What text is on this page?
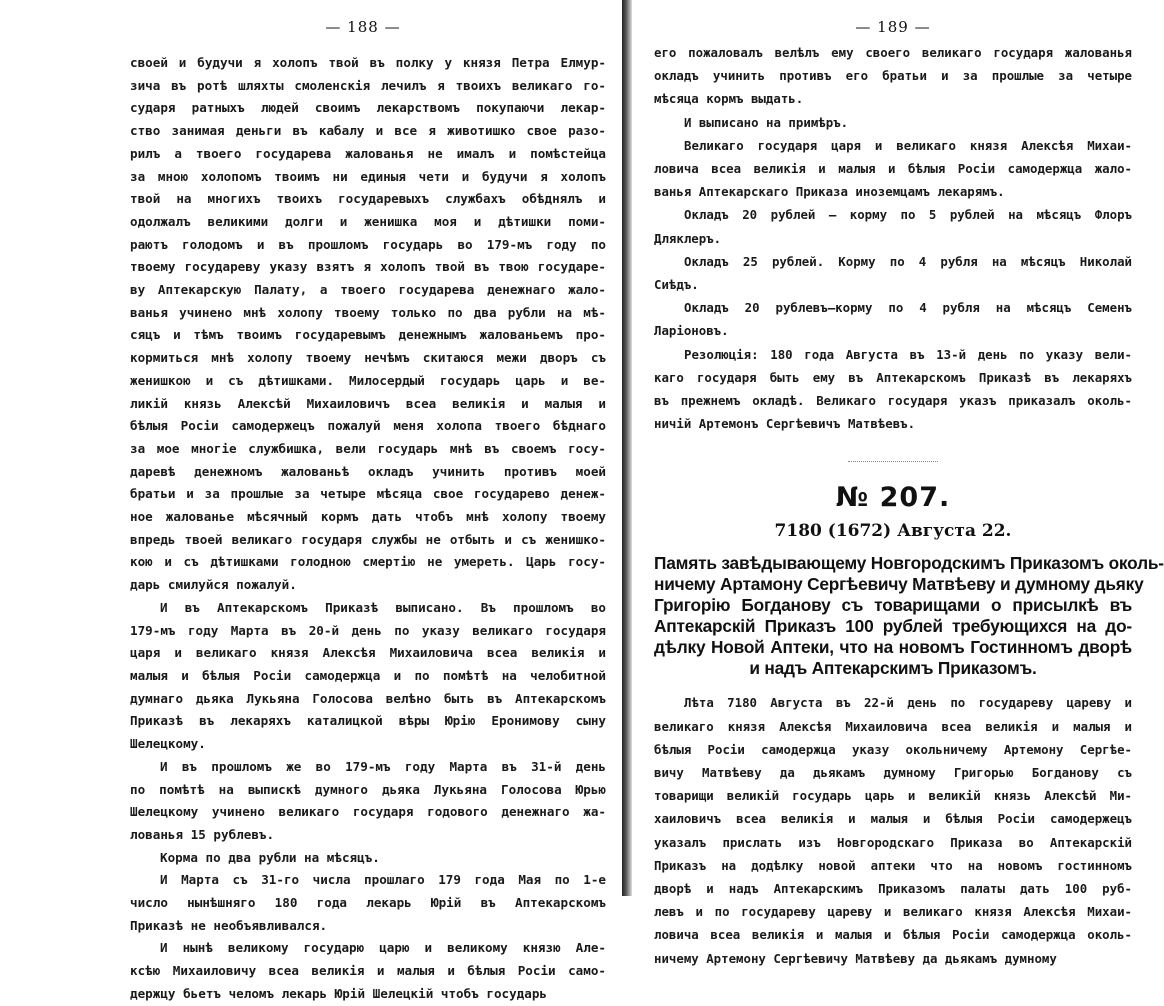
— 188 —
своей и будучи я холопъ твой въ полку у князя Петра Елмур-
зича въ ротѣ шляхты смоленскія лечилъ я твоихъ великаго го-
сударя ратныхъ людей своимъ лекарствомъ покупаючи лекар-
ство занимая деньги въ кабалу и все я животишко свое разо-
рилъ а твоего государева жалованья не ималъ и помѣстейца
за мною холопомъ твоимъ ни единыя чети и будучи я холопъ
твой на многихъ твоихъ государевыхъ службахъ обѣднялъ и
одолжалъ великими долги и женишка моя и дѣтишки поми-
раютъ голодомъ и въ прошломъ государь во 179-мъ году по
твоему государеву указу взятъ я холопъ твой въ твою государе-
ву Аптекарскую Палату, а твоего государева денежнаго жало-
ванья учинено мнѣ холопу твоему только по два рубли на мѣ-
сяцъ и тѣмъ твоимъ государевымъ денежнымъ жалованьемъ про-
кормиться мнѣ холопу твоему нечѣмъ скитаюся межи дворъ съ
женишкою и съ дѣтишками. Милосердый государь царь и ве-
ликій князь Алексѣй Михаиловичъ всеа великія и малыя и
бѣлыя Росіи самодержецъ пожалуй меня холопа твоего бѣднаго
за мое многіе службишка, вели государь мнѣ въ своемъ госу-
даревѣ денежномъ жалованьѣ окладъ учинить противъ моей
братьи и за прошлые за четыре мѣсяца свое государево денеж-
ное жалованье мѣсячный кормъ дать чтобъ мнѣ холопу твоему
впредь твоей великаго государя службы не отбыть и съ женишко-
кою и съ дѣтишками голодною смертію не умереть. Царь госу-
дарь смилуйся пожалуй.
И въ Аптекарскомъ Приказѣ выписано. Въ прошломъ во
179-мъ году Марта въ 20-й день по указу великаго государя
царя и великаго князя Алексѣя Михаиловича всеа великія и
малыя и бѣлыя Росіи самодержца и по помѣтѣ на челобитной
думнаго дьяка Лукьяна Голосова велѣно быть въ Аптекарскомъ
Приказѣ въ лекаряхъ каталицкой вѣры Юрію Еронимову сыну
Шелецкому.
И въ прошломъ же во 179-мъ году Марта въ 31-й день
по помѣтѣ на выпискѣ думного дьяка Лукьяна Голосова Юрью
Шелецкому учинено великаго государя годового денежнаго жа-
лованья 15 рублевъ.
Корма по два рубли на мѣсяцъ.
И Марта съ 31-го числа прошлаго 179 года Мая по 1-е
число нынѣшняго 180 года лекарь Юрій въ Аптекарскомъ
Приказѣ не необъявливался.
И нынѣ великому государю царю и великому князю Але-
ксѣю Михаиловичу всеа великія и малыя и бѣлыя Росіи само-
держцу бьетъ челомъ лекарь Юрій Шелецкій чтобъ государь
— 189 —
его пожаловалъ велѣлъ ему своего великаго государя жалованья
окладъ учинить противъ его братьи и за прошлые за четыре
мѣсяца кормъ выдать.
И выписано на примѣръ.
Великаго государя царя и великаго князя Алексѣя Михаи-
ловича всеа великія и малыя и бѣлыя Росіи самодержца жало-
ванья Аптекарскаго Приказа иноземцамъ лекарямъ.
Окладъ 20 рублей — корму по 5 рублей на мѣсяцъ Флоръ
Дляклеръ.
Окладъ 25 рублей. Корму по 4 рубля на мѣсяцъ Николай
Сиѣдъ.
Окладъ 20 рублевъ—корму по 4 рубля на мѣсяцъ Семенъ
Ларіоновъ.
Резолюція: 180 года Августа въ 13-й день по указу вели-
каго государя быть ему въ Аптекарскомъ Приказѣ въ лекаряхъ
въ прежнемъ окладѣ. Великаго государя указъ приказалъ околь-
ничій Артемонъ Сергѣевичъ Матвѣевъ.
№ 207.
7180 (1672) Августа 22.
Память завѣдывающему Новгородскимъ Приказомъ околь-
ничему Артамону Сергѣевичу Матвѣеву и думному дьяку
Григорію Богданову съ товарищами о присылкѣ въ
Аптекарскій Приказъ 100 рублей требующихся на до-
дѣлку Новой Аптеки, что на новомъ Гостинномъ дворѣ
и надъ Аптекарскимъ Приказомъ.
Лѣта 7180 Августа въ 22-й день по государеву цареву и
великаго князя Алексѣя Михаиловича всеа великія и малыя и
бѣлыя Росіи самодержца указу окольничему Артемону Сергѣе-
вичу Матвѣеву да дьякамъ думному Григорью Богданову съ
товарищи великій государь царь и великій князь Алексѣй Ми-
хаиловичъ всеа великія и малыя и бѣлыя Росіи самодержецъ
указалъ прислать изъ Новгородскаго Приказа во Аптекарскій
Приказъ на додѣлку новой аптеки что на новомъ гостинномъ
дворѣ и надъ Аптекарскимъ Приказомъ палаты дать 100 руб-
левъ и по государеву цареву и великаго князя Алексѣя Михаи-
ловича всеа великія и малыя и бѣлыя Росіи самодержца околь-
ничему Артемону Сергѣевичу Матвѣеву да дьякамъ думному
